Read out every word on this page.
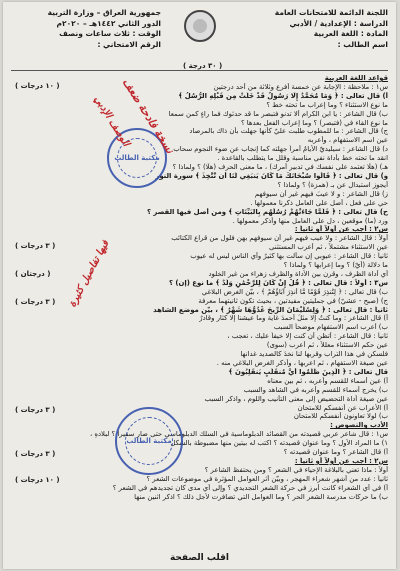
اللجنة الدائمة للامتحانات العامة
الدراسة : الإعدادية / الأدبي
المادة : اللغة العربية
اسم الطالب :
جمهورية العراق – وزارة التربية
الدور الثاني ١٤٤٢هـ – ٢٠٢٠م
الوقت : ثلاث ساعات ونصف
الرقم الامتحاني :
قواعد اللغة العربية
س١ : ملاحظة : الإجابة عن خمسة أفرع وثلاثة من أحد درجتين
أ) قال تعالى : ﴿ وَمَا مُحَمَّدٌ إِلَّا رَسُولٌ قَدْ خَلَتْ مِن قَبْلِهِ الرُّسُلُ ﴾
ما نوع الاستثناء ؟ وما إعراب ما تحته خط ؟
ب) قال الشاعر : يا ابن الكرام ألا تدنو فتبصر ما قد حدثوك فما راءٍ كمن سمعا
ما نوع الفاء في (فتبصر) ؟ وما إعراب الفعل بعدها ؟
ج) قال الشاعر : ما للمطوب طلبت عليّ كأنها جهلت بأن ذاك بالمرصاد
عين اسم الاستفهام ، وأعربه
د) قال الشاعر : سيليديّ الأيامُ أمراً جهلته كما إنجاب عن ضوء النجوم سحاب
انقد ما تحته خط بأداة نفي مناسبة وقلل ما يتطلب بالقاعدة .
هـ) (هلّا تعتمد على نفسك في تدبير أمرك) ، ما معنى الحرف (هلّا) ؟ ولماذا ؟
و) قال تعالى : ﴿ قَالُوا سُبْحَانَكَ مَا كَانَ يَنبَغِي لَنَا أَن نَّتَّخِذَ ﴾ سورة النور
أيجوز استبدال عن بـ (همزة) ؟ ولماذا ؟
ز) قال الشاعر : و لا عيبَ فيهم غير أن سيوفهم
حي على فعل ، أصل على العامل ذكرنا معمولها .
ح) قال تعالى : ﴿ فَلَمَّا جَاءَتْهُمْ رُسُلُهُم بِالْبَيِّنَاتِ ﴾ ومن أصل فيها القصر ؟
ورد (ما) موقعين ، دل على العامل منها وأذكر معمولها .
س٢ : أجب عن أولاً أو ثانياً :
أولاً : قال الشاعر : ولا عيب فيهم غير أن سيوفهم بهن فلول من قراع الكتائب
عين الاستثناء مشتملاً ، ثم أعرب المستثنى
ثانياً : قال الشاعر : عيوبي إن سألت بها كثيرٌ وأي الناس ليس له عيوب
ما دلالة (أيّ) ؟ وما إعرابها ؟ ولماذا ؟
أي أداة الظرف ، وقرن بين الأداة والظرف زهراء من غير الخلود
س٣ : أولاً : قال تعالى : ﴿ قُلْ إِنْ كَانَ لِلرَّحْمَٰنِ وَلَدٌ ﴾ ما نوع (إن) ؟
ب) قال تعالى : ﴿ لِتُنذِرَ قَوْمًا مَّا أُنذِرَ آبَاؤُهُمْ ﴾ ، بيّن الغرض البلاغي
ج) (صبح - عشيّ) في جمليتين مفيدتين ، بحيث تكون ثانيتهما معرفة
ثانياً : قال تعالى : ﴿ وَلِسُلَيْمَانَ الرِّيحَ غُدُوُّهَا شَهْرٌ ﴾ ، بيّن موضع الشاهد
أ) قال الشاعر : وما كنتُ إلا مثلَ أحمدَ غاية وما عيشنا إلا كثار وقادرٌ
ب) أعرب اسم الاستفهام موضحاً السبب
ثانياً : قال الشاعر : أتظن أن كنت إلا خيفاً عليك ، تعجب ،
عين حكم الاستثناء معللاً ، ثم أعرب (سوى)
فلسكن في هذا التراب وقربها لنا نخدَ كالصديد غدانها
عين صيغة الاستفهام ، ثم اعربها ، وأذكر الغرض البلاغي منه .
قال تعالى : ﴿ الَّذِينَ ظَلَمُوا أَيَّ مُنقَلَبٍ يَنقَلِبُونَ ﴾
أ) عين أسماء للقسم وأعربه ، ثم بين معناه
ب) يخرج أسماء للقسم وأعربه في الشاهد والسبب
عين صيغة أداة التحضيض إلى معنى التأنيب واللوم ، واذكر السبب
أ) الأعراب عن أنفسكم للامتحان
ب) لولا تعاونون أنفسكم للامتحان
الأدب والنصوص :
س١ : قال شاعر عربي قصيدته من القصائد الدبلوماسية في السلك الدبلوماسي حتى صار سفيراً ؟ لبلادهِ ،
١) ما المراد الأول ؟ وما عنوان قصيدته ؟ اكتب له بيتين منها مضبوطة بالشكل
أ) قال الشاعر ؟ وما عنوان قصيدته ؟
س٢ : أجب عن أولاً أو ثانياً :
أولاً : ماذا تعني بالبلاغة الإحياء في الشعر ؟ ومن يحتفظ الشاعر ؟
ثانياً : عدد من أشهر شعراء المهجر ، وبيّن أثر العوامل المؤثرة في موضوعات الشعر ؟
أ) في أي الشعراء كانت أبرز في حركة الشعر التجديدي ؟ وإلى أي مدى كان تجديدهم في الشعر ؟
ب) ما حركات مدرسة الشعر الحر ؟ وما العوامل التي تضافرت لأجل ذلك ؟ اذكر اثنين منها
( ١٠ درجات )
( ٣٠ درجة )
( ٣ درجات )
( درجتان )
( ٣ درجات )
( ٣ درجات )
( ٣ درجات )
( ١٠ درجات )
مكتبة الطالب
مكتبة الطالب
نسخة فادحة ضعف
الوصف الإدبي
فيها تفاصيل كثيرة
اقلب الصفحة
